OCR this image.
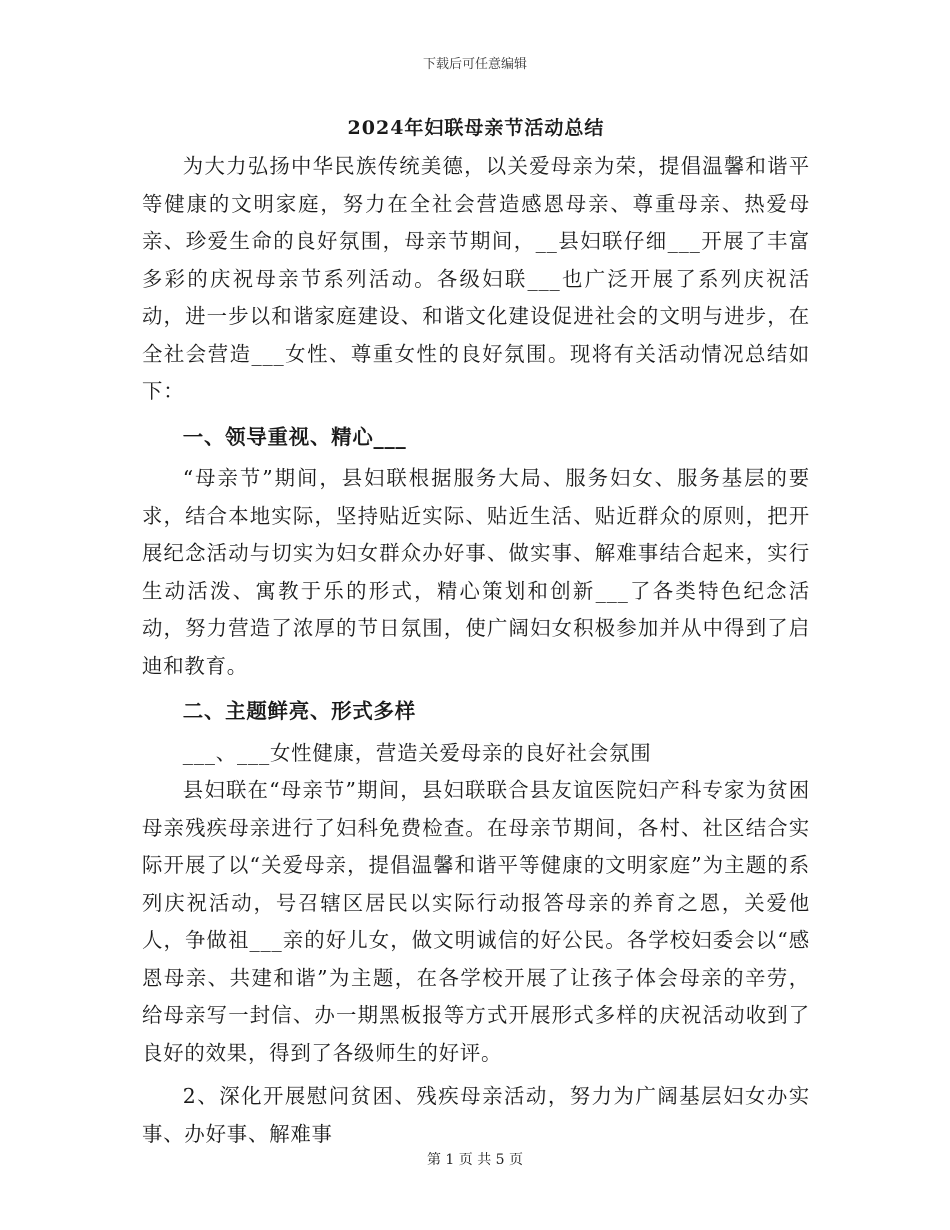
下载后可任意编辑
2024年妇联母亲节活动总结

为大力弘扬中华民族传统美德，以关爱母亲为荣，提倡温馨和谐平等健康的文明家庭，努力在全社会营造感恩母亲、尊重母亲、热爱母亲、珍爱生命的良好氛围，母亲节期间，__县妇联仔细___开展了丰富多彩的庆祝母亲节系列活动。各级妇联___也广泛开展了系列庆祝活动，进一步以和谐家庭建设、和谐文化建设促进社会的文明与进步，在全社会营造___女性、尊重女性的良好氛围。现将有关活动情况总结如下：

一、领导重视、精心___

“母亲节”期间，县妇联根据服务大局、服务妇女、服务基层的要求，结合本地实际，坚持贴近实际、贴近生活、贴近群众的原则，把开展纪念活动与切实为妇女群众办好事、做实事、解难事结合起来，实行生动活泼、寓教于乐的形式，精心策划和创新___了各类特色纪念活动，努力营造了浓厚的节日氛围，使广阔妇女积极参加并从中得到了启迪和教育。

二、主题鲜亮、形式多样

___、___女性健康，营造关爱母亲的良好社会氛围

县妇联在“母亲节”期间，县妇联联合县友谊医院妇产科专家为贫困母亲残疾母亲进行了妇科免费检查。在母亲节期间，各村、社区结合实际开展了以“关爱母亲，提倡温馨和谐平等健康的文明家庭”为主题的系列庆祝活动，号召辖区居民以实际行动报答母亲的养育之恩，关爱他人，争做祖___亲的好儿女，做文明诚信的好公民。各学校妇委会以“感恩母亲、共建和谐”为主题，在各学校开展了让孩子体会母亲的辛劳，给母亲写一封信、办一期黑板报等方式开展形式多样的庆祝活动收到了良好的效果，得到了各级师生的好评。

2、深化开展慰问贫困、残疾母亲活动，努力为广阔基层妇女办实事、办好事、解难事

第 1 页 共 5 页
